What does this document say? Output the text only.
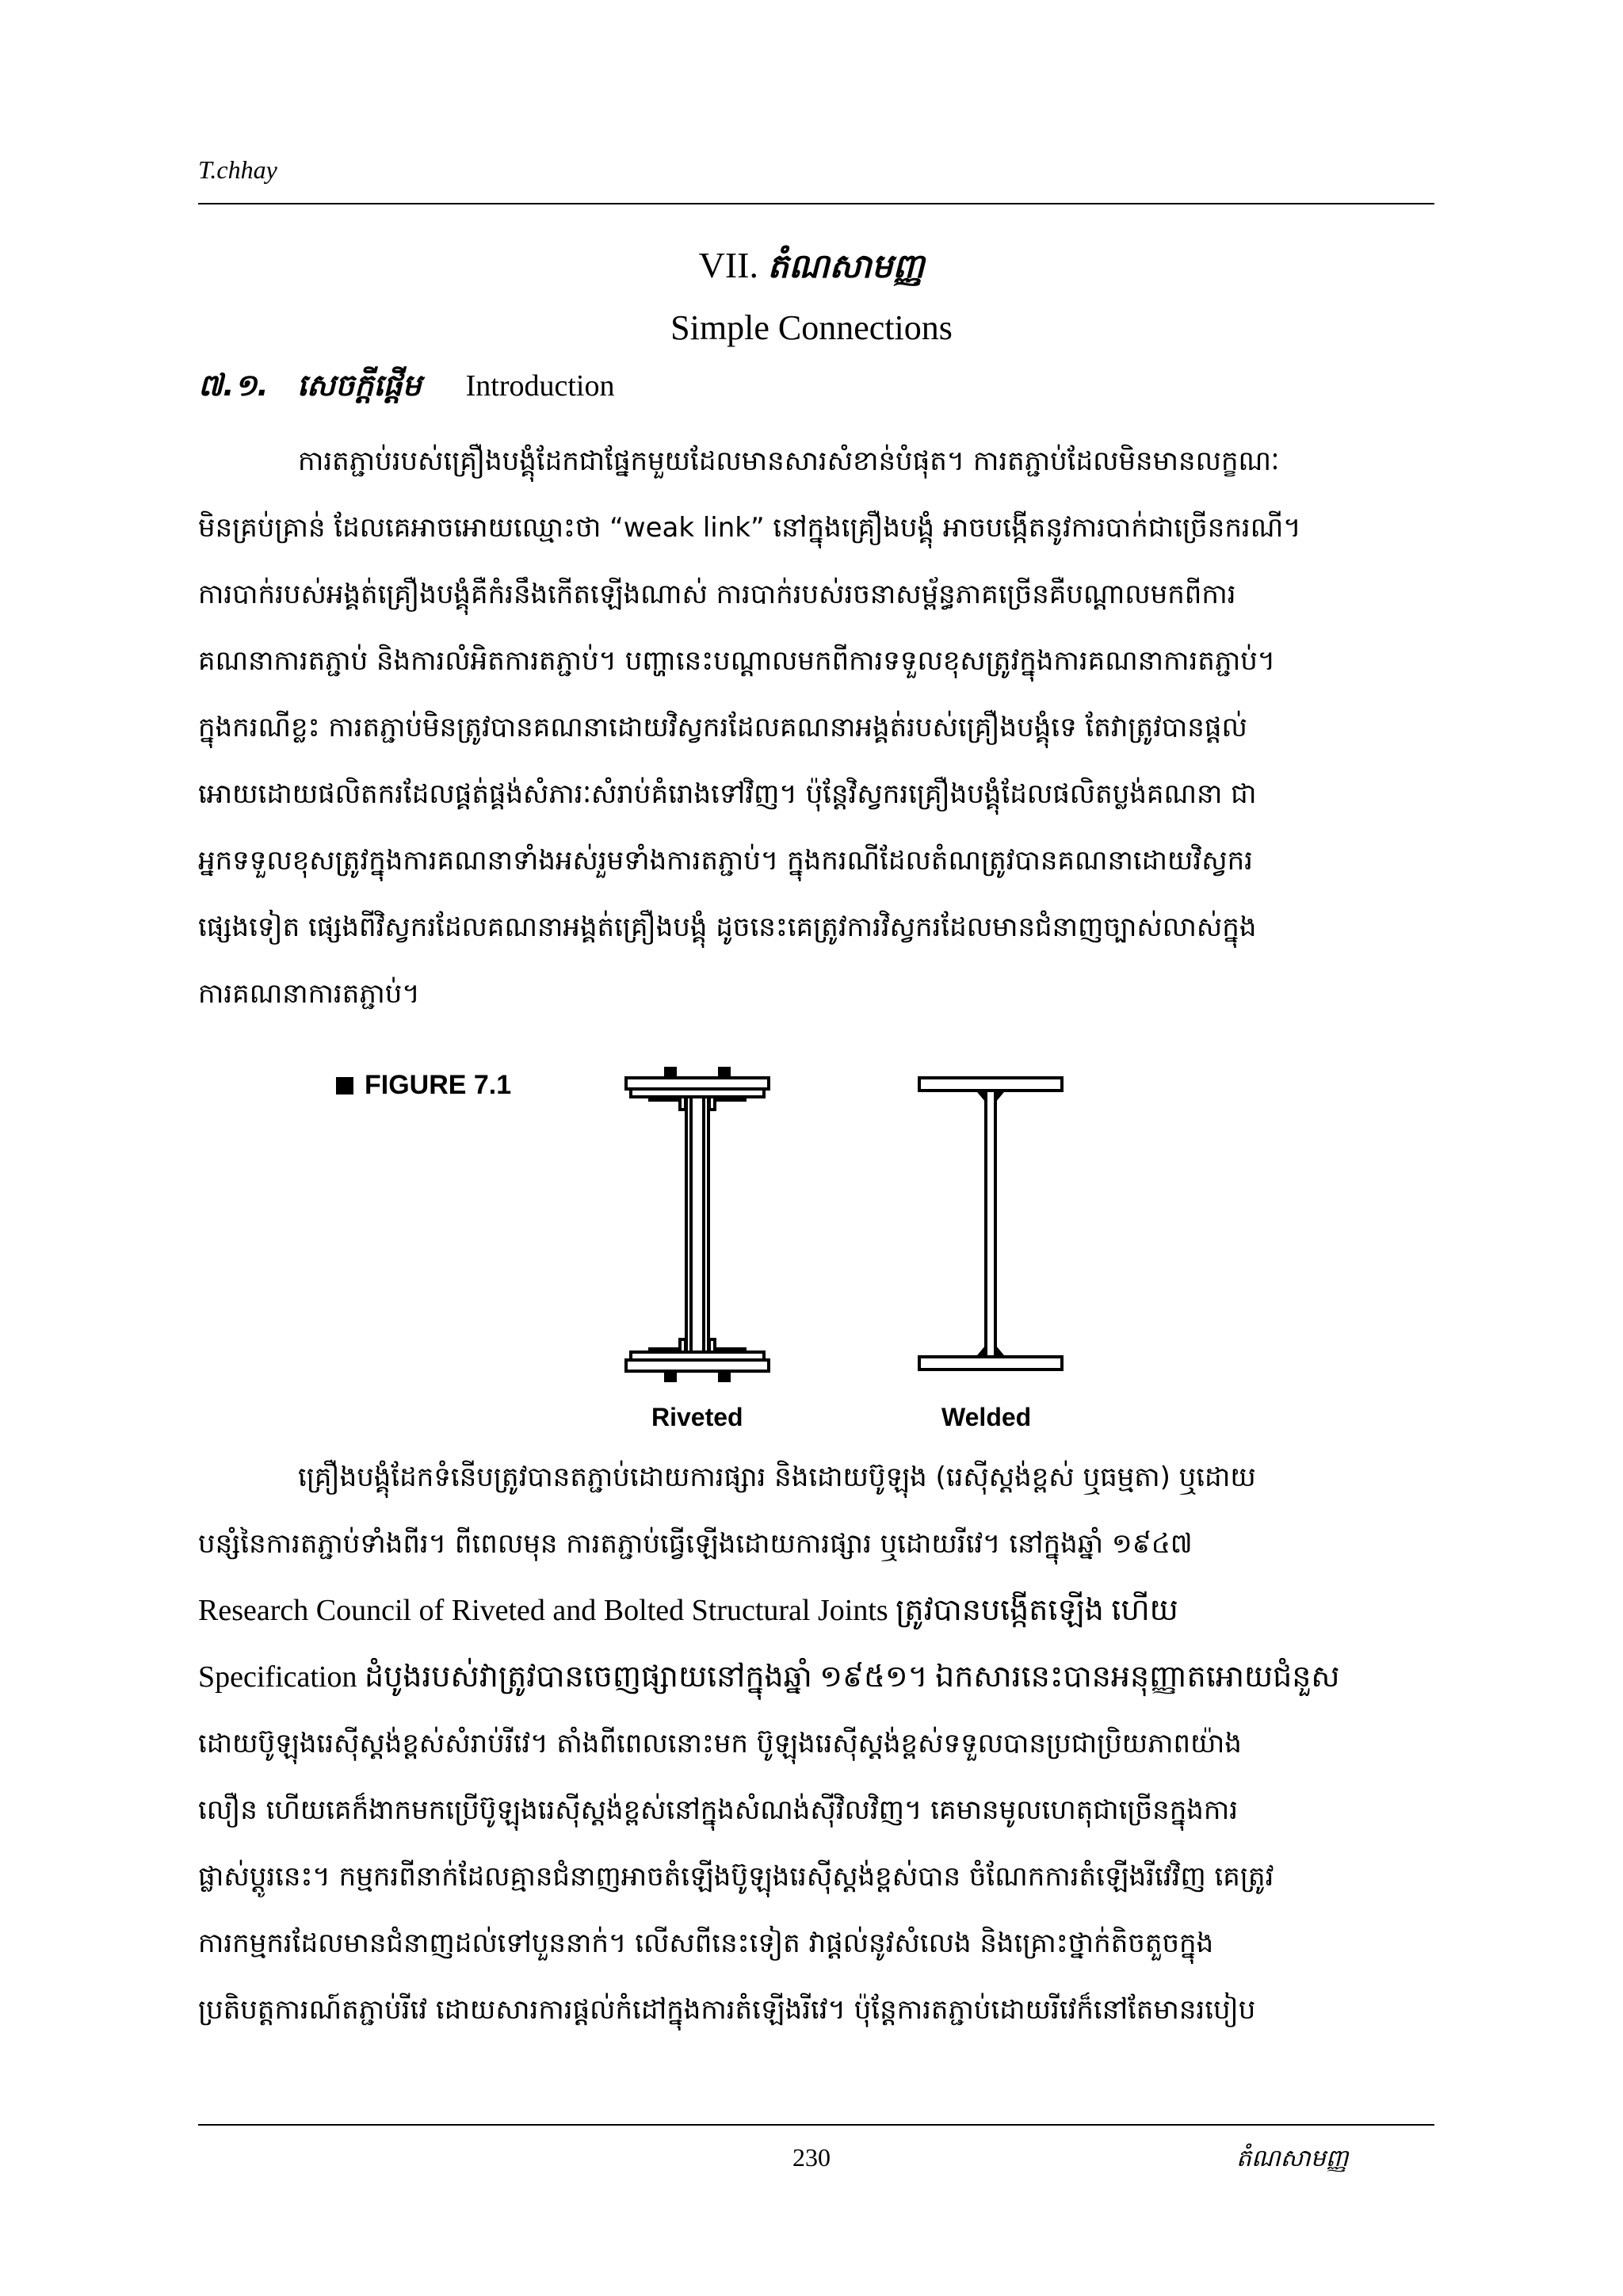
T.chhay
VII. តំណសាមញ្ញ
Simple Connections
៧.១. សេចក្តីផ្តើម Introduction
ការតភ្ជាប់របស់គ្រឿងបង្គុំដែកជាផ្នែកមួយដែលមានសារសំខាន់បំផុត។ ការតភ្ជាប់ដែលមិនមានលក្ខណៈ
មិនគ្រប់គ្រាន់ ដែលគេអាចអោយឈ្មោះថា “weak link” នៅក្នុងគ្រឿងបង្គុំ អាចបង្កើតនូវការបាក់ជាច្រើនករណី។
ការបាក់របស់អង្គត់គ្រឿងបង្គុំគឺកំរនឹងកើតឡើងណាស់ ការបាក់របស់រចនាសម្ព័ន្ធភាគច្រើនគឺបណ្តាលមកពីការ
គណនាការតភ្ជាប់ និងការលំអិតការតភ្ជាប់។ បញ្ហានេះបណ្តាលមកពីការទទួលខុសត្រូវក្នុងការគណនាការតភ្ជាប់។
ក្នុងករណីខ្លះ ការតភ្ជាប់មិនត្រូវបានគណនាដោយវិស្វករដែលគណនាអង្គត់របស់គ្រឿងបង្គុំទេ តែវាត្រូវបានផ្តល់
អោយដោយផលិតករដែលផ្គត់ផ្គង់សំភារៈសំរាប់គំរោងទៅវិញ។ ប៉ុន្តែវិស្វករគ្រឿងបង្គុំដែលផលិតប្លង់គណនា ជា
អ្នកទទួលខុសត្រូវក្នុងការគណនាទាំងអស់រួមទាំងការតភ្ជាប់។ ក្នុងករណីដែលតំណត្រូវបានគណនាដោយវិស្វករ
ផ្សេងទៀត ផ្សេងពីវិស្វករដែលគណនាអង្គត់គ្រឿងបង្គុំ ដូចនេះគេត្រូវការវិស្វករដែលមានជំនាញច្បាស់លាស់ក្នុង
ការគណនាការតភ្ជាប់។
FIGURE 7.1
Riveted	Welded
គ្រឿងបង្គុំដែកទំនើបត្រូវបានតភ្ជាប់ដោយការផ្សារ និងដោយប៊ូឡុង (រេស៊ីស្តង់ខ្ពស់ ឬធម្មតា) ឬដោយ
បន្សំនៃការតភ្ជាប់ទាំងពីរ។ ពីពេលមុន ការតភ្ជាប់ធ្វើឡើងដោយការផ្សារ ឬដោយរីវេ។ នៅក្នុងឆ្នាំ ១៩៤៧
Research Council of Riveted and Bolted Structural Joints ត្រូវបានបង្កើតឡើង ហើយ
Specification ដំបូងរបស់វាត្រូវបានចេញផ្សាយនៅក្នុងឆ្នាំ ១៩៥១។ ឯកសារនេះបានអនុញ្ញាតអោយជំនួស
ដោយប៊ូឡុងរេស៊ីស្តង់ខ្ពស់សំរាប់រីវេ។ តាំងពីពេលនោះមក ប៊ូឡុងរេស៊ីស្តង់ខ្ពស់ទទួលបានប្រជាប្រិយភាពយ៉ាង
លឿន ហើយគេក៏ងាកមកប្រើប៊ូឡុងរេស៊ីស្តង់ខ្ពស់នៅក្នុងសំណង់ស៊ីវិលវិញ។ គេមានមូលហេតុជាច្រើនក្នុងការ
ផ្លាស់ប្តូរនេះ។ កម្មករពីនាក់ដែលគ្មានជំនាញអាចតំឡើងប៊ូឡុងរេស៊ីស្តង់ខ្ពស់បាន ចំណែកការតំឡើងរីវេវិញ គេត្រូវ
ការកម្មករដែលមានជំនាញដល់ទៅបួននាក់។ លើសពីនេះទៀត វាផ្តល់នូវសំលេង និងគ្រោះថ្នាក់តិចតួចក្នុង
ប្រតិបត្តការណ៍តភ្ជាប់រីវេ ដោយសារការផ្តល់កំដៅក្នុងការតំឡើងរីវេ។ ប៉ុន្តែការតភ្ជាប់ដោយរីវេក៏នៅតែមានរបៀប
230	តំណសាមញ្ញ
